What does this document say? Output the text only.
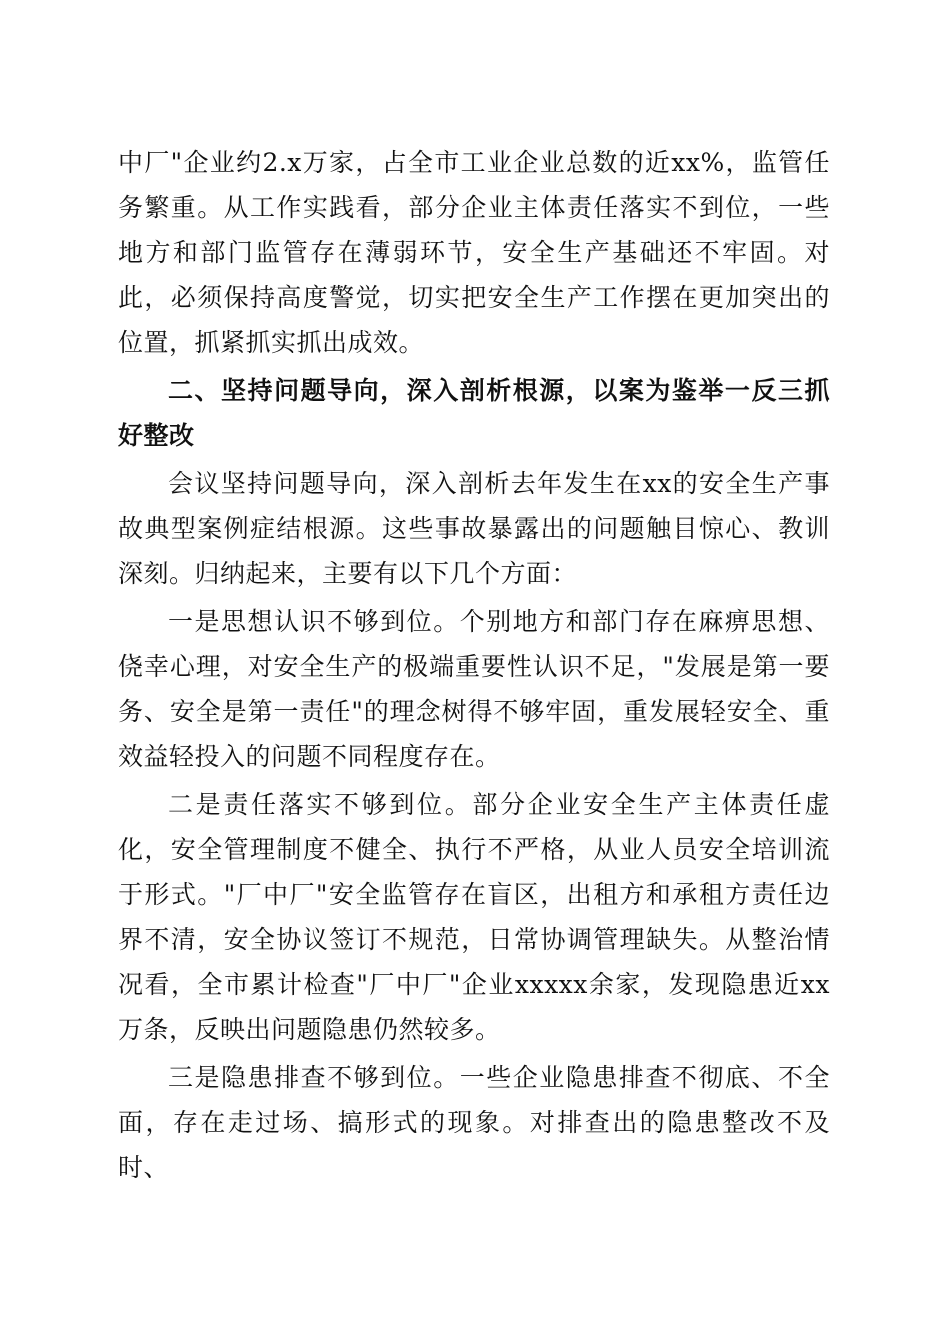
中厂"企业约2.x万家，占全市工业企业总数的近xx%，监管任务繁重。从工作实践看，部分企业主体责任落实不到位，一些地方和部门监管存在薄弱环节，安全生产基础还不牢固。对此，必须保持高度警觉，切实把安全生产工作摆在更加突出的位置，抓紧抓实抓出成效。

二、坚持问题导向，深入剖析根源，以案为鉴举一反三抓好整改

会议坚持问题导向，深入剖析去年发生在xx的安全生产事故典型案例症结根源。这些事故暴露出的问题触目惊心、教训深刻。归纳起来，主要有以下几个方面：

一是思想认识不够到位。个别地方和部门存在麻痹思想、侥幸心理，对安全生产的极端重要性认识不足，"发展是第一要务、安全是第一责任"的理念树得不够牢固，重发展轻安全、重效益轻投入的问题不同程度存在。

二是责任落实不够到位。部分企业安全生产主体责任虚化，安全管理制度不健全、执行不严格，从业人员安全培训流于形式。"厂中厂"安全监管存在盲区，出租方和承租方责任边界不清，安全协议签订不规范，日常协调管理缺失。从整治情况看，全市累计检查"厂中厂"企业xxxxx余家，发现隐患近xx万条，反映出问题隐患仍然较多。

三是隐患排查不够到位。一些企业隐患排查不彻底、不全面，存在走过场、搞形式的现象。对排查出的隐患整改不及时、
